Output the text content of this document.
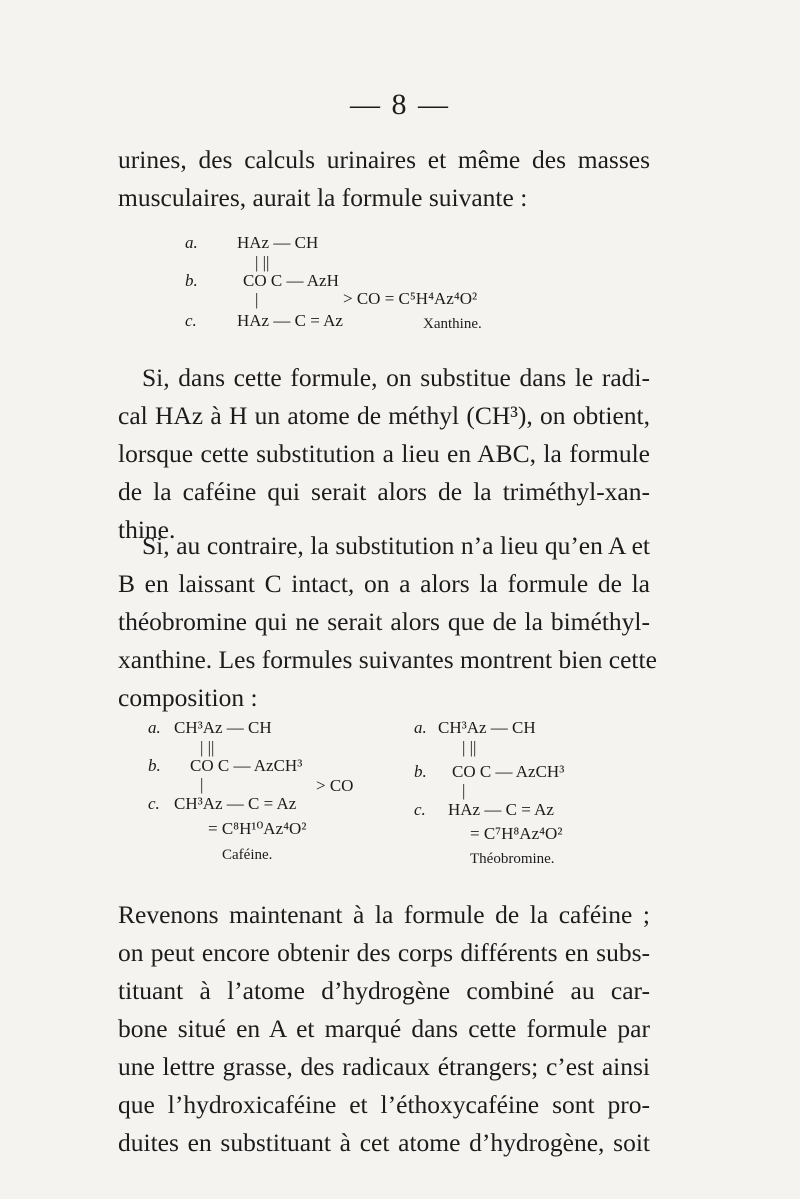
— 8 —
urines, des calculs urinaires et même des masses
musculaires, aurait la formule suivante :
a. HAz — CH
| ||
b.	CO C — AzH
|	> CO = C⁵H⁴Az⁴O²
c. HAz — C = Az	Xanthine.
Si, dans cette formule, on substitue dans le radi-
cal HAz à H un atome de méthyl (CH³), on obtient,
lorsque cette substitution a lieu en ABC, la formule
de la caféine qui serait alors de la triméthyl-xan-
thine.
Si, au contraire, la substitution n’a lieu qu’en A et
B en laissant C intact, on a alors la formule de la
théobromine qui ne serait alors que de la biméthyl-
xanthine. Les formules suivantes montrent bien cette
composition :
a. CH³Az — CH
| ||
b. CO C — AzCH³
|	> CO
c. CH³Az — C = Az
= C⁸H¹⁰Az⁴O²
Caféine.
a. CH³Az — CH
| ||
b. CO C — AzCH³
|
c. HAz — C = Az
= C⁷H⁸Az⁴O²
Théobromine.
Revenons maintenant à la formule de la caféine ;
on peut encore obtenir des corps différents en subs-
tituant à l’atome d’hydrogène combiné au car-
bone situé en A et marqué dans cette formule par
une lettre grasse, des radicaux étrangers; c’est ainsi
que l’hydroxicaféine et l’éthoxycaféine sont pro-
duites en substituant à cet atome d’hydrogène, soit
